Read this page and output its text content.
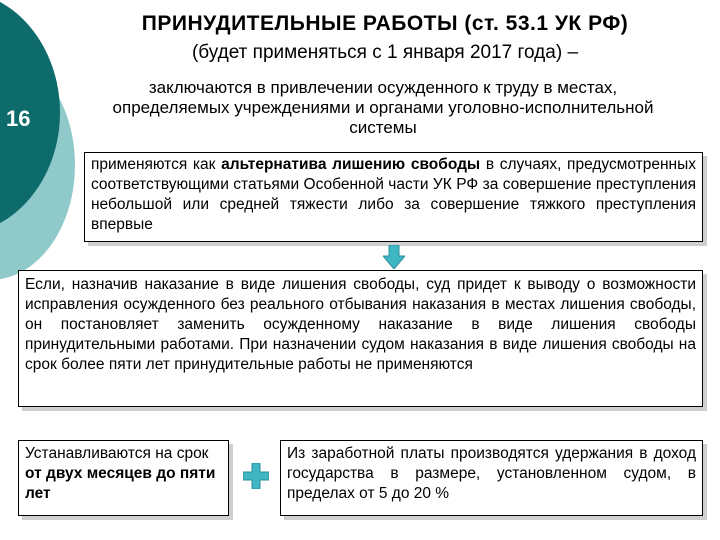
16
ПРИНУДИТЕЛЬНЫЕ РАБОТЫ (ст. 53.1 УК РФ)
(будет применяться с 1 января 2017 года) –
заключаются в привлечении осужденного к труду в местах,
определяемых учреждениями и органами уголовно-исполнительной
системы
применяются как альтернатива лишению свободы в случаях, предусмотренных соответствующими статьями Особенной части УК РФ за совершение преступления небольшой или средней тяжести либо за совершение тяжкого преступления впервые
Если, назначив наказание в виде лишения свободы, суд придет к выводу о возможности исправления осужденного без реального отбывания наказания в местах лишения свободы, он постановляет заменить осужденному наказание в виде лишения свободы принудительными работами. При назначении судом наказания в виде лишения свободы на срок более пяти лет принудительные работы не применяются
Устанавливаются на срок от двух месяцев до пяти лет
Из заработной платы производятся удержания в доход государства в размере, установленном судом, в пределах от 5 до 20 %
